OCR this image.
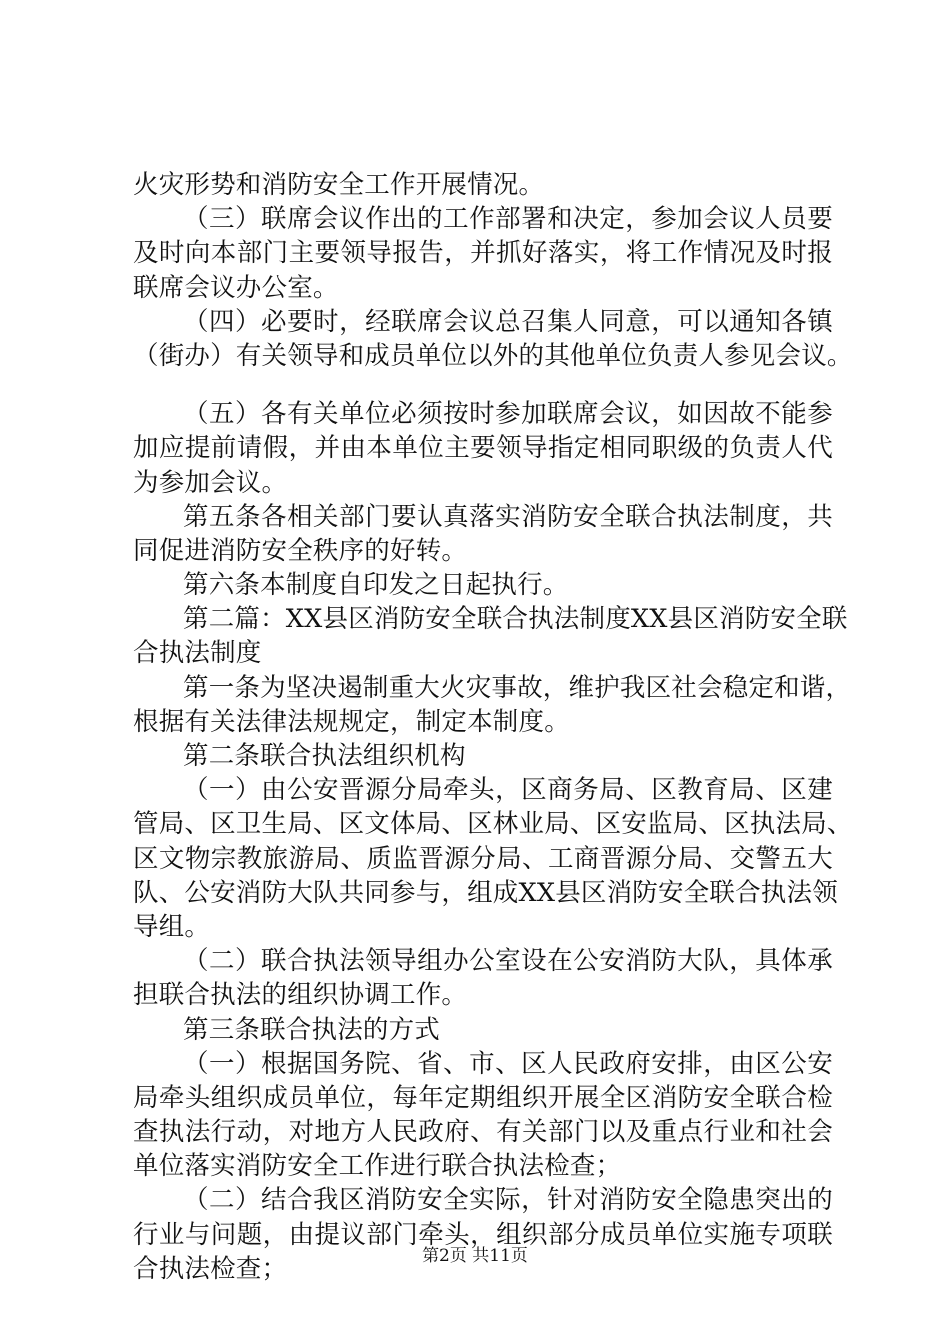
火灾形势和消防安全工作开展情况。
（三）联席会议作出的工作部署和决定，参加会议人员要
及时向本部门主要领导报告，并抓好落实，将工作情况及时报
联席会议办公室。
（四）必要时，经联席会议总召集人同意，可以通知各镇
（街办）有关领导和成员单位以外的其他单位负责人参见会议。
（五）各有关单位必须按时参加联席会议，如因故不能参
加应提前请假，并由本单位主要领导指定相同职级的负责人代
为参加会议。
第五条各相关部门要认真落实消防安全联合执法制度，共
同促进消防安全秩序的好转。
第六条本制度自印发之日起执行。
第二篇：XX县区消防安全联合执法制度XX县区消防安全联
合执法制度
第一条为坚决遏制重大火灾事故，维护我区社会稳定和谐，
根据有关法律法规规定，制定本制度。
第二条联合执法组织机构
（一）由公安晋源分局牵头，区商务局、区教育局、区建
管局、区卫生局、区文体局、区林业局、区安监局、区执法局、
区文物宗教旅游局、质监晋源分局、工商晋源分局、交警五大
队、公安消防大队共同参与，组成XX县区消防安全联合执法领
导组。
（二）联合执法领导组办公室设在公安消防大队，具体承
担联合执法的组织协调工作。
第三条联合执法的方式
（一）根据国务院、省、市、区人民政府安排，由区公安
局牵头组织成员单位，每年定期组织开展全区消防安全联合检
查执法行动，对地方人民政府、有关部门以及重点行业和社会
单位落实消防安全工作进行联合执法检查；
（二）结合我区消防安全实际，针对消防安全隐患突出的
行业与问题，由提议部门牵头，组织部分成员单位实施专项联
合执法检查；	第2页 共11页
